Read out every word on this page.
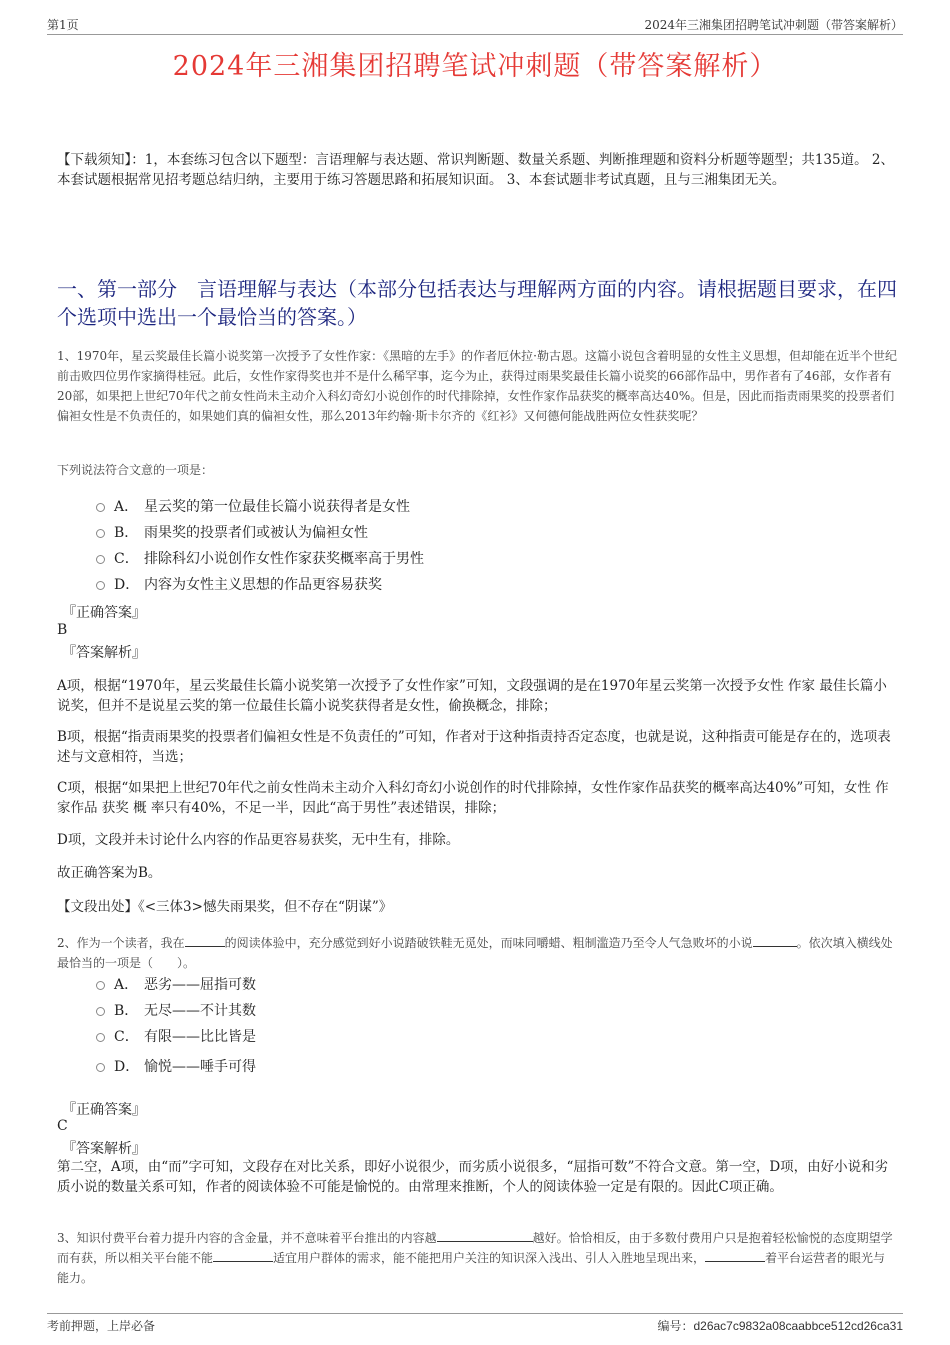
第1页	2024年三湘集团招聘笔试冲刺题（带答案解析）
2024年三湘集团招聘笔试冲刺题（带答案解析）
【下载须知】：1，本套练习包含以下题型：言语理解与表达题、常识判断题、数量关系题、判断推理题和资料分析题等题型；共135道。 2、本套试题根据常见招考题总结归纳，主要用于练习答题思路和拓展知识面。 3、本套试题非考试真题，且与三湘集团无关。
一、第一部分　言语理解与表达（本部分包括表达与理解两方面的内容。请根据题目要求，在四个选项中选出一个最恰当的答案。）
1、1970年，星云奖最佳长篇小说奖第一次授予了女性作家：《黑暗的左手》的作者厄休拉·勒古恩。这篇小说包含着明显的女性主义思想，但却能在近半个世纪前击败四位男作家摘得桂冠。此后，女性作家得奖也并不是什么稀罕事，迄今为止，获得过雨果奖最佳长篇小说奖的66部作品中，男作者有了46部，女作者有20部，如果把上世纪70年代之前女性尚未主动介入科幻奇幻小说创作的时代排除掉，女性作家作品获奖的概率高达40%。但是，因此而指责雨果奖的投票者们偏袒女性是不负责任的，如果她们真的偏袒女性，那么2013年约翰·斯卡尔齐的《红衫》又何德何能战胜两位女性获奖呢？
下列说法符合文意的一项是：
A． 星云奖的第一位最佳长篇小说获得者是女性
B． 雨果奖的投票者们或被认为偏袒女性
C． 排除科幻小说创作女性作家获奖概率高于男性
D． 内容为女性主义思想的作品更容易获奖
『正确答案』
B
『答案解析』
A项，根据“1970年，星云奖最佳长篇小说奖第一次授予了女性作家”可知，文段强调的是在1970年星云奖第一次授予女性 作家 最佳长篇小说奖，但并不是说星云奖的第一位最佳长篇小说奖获得者是女性，偷换概念，排除；
B项，根据“指责雨果奖的投票者们偏袒女性是不负责任的”可知，作者对于这种指责持否定态度，也就是说，这种指责可能是存在的，选项表述与文意相符，当选；
C项，根据“如果把上世纪70年代之前女性尚未主动介入科幻奇幻小说创作的时代排除掉，女性作家作品获奖的概率高达40%”可知，女性 作家作品 获奖 概 率只有40%，不足一半，因此“高于男性”表述错误，排除；
D项，文段并未讨论什么内容的作品更容易获奖，无中生有，排除。
故正确答案为B。
【文段出处】《<三体3>憾失雨果奖，但不存在“阴谋”》
2、作为一个读者，我在	的阅读体验中，充分感觉到好小说踏破铁鞋无觅处，而味同嚼蜡、粗制滥造乃至令人气急败坏的小说	。依次填入横线处最恰当的一项是（　　）。
A． 恶劣——屈指可数
B． 无尽——不计其数
C． 有限——比比皆是
D． 愉悦——唾手可得
『正确答案』
C
『答案解析』
第二空，A项，由“而”字可知，文段存在对比关系，即好小说很少，而劣质小说很多，“屈指可数”不符合文意。第一空，D项，由好小说和劣质小说的数量关系可知，作者的阅读体验不可能是愉悦的。由常理来推断，个人的阅读体验一定是有限的。因此C项正确。
3、知识付费平台着力提升内容的含金量，并不意味着平台推出的内容越	越好。恰恰相反，由于多数付费用户只是抱着轻松愉悦的态度期望学而有获，所以相关平台能不能	适宜用户群体的需求，能不能把用户关注的知识深入浅出、引人入胜地呈现出来，	着平台运营者的眼光与能力。
考前押题，上岸必备	编号：d26ac7c9832a08caabbce512cd26ca31
